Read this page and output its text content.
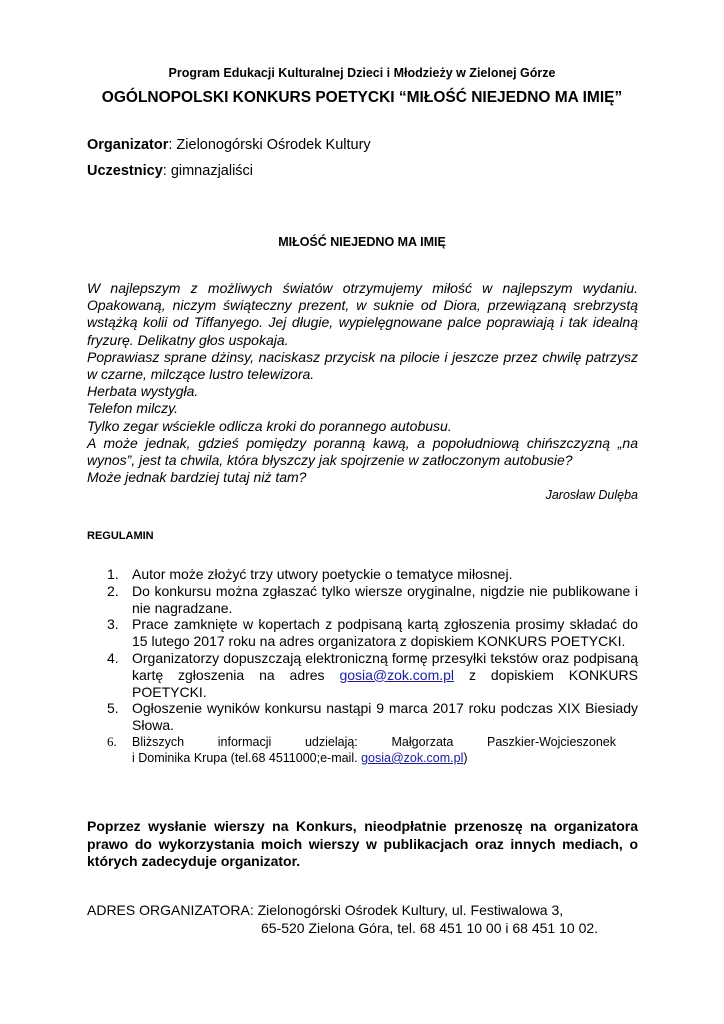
Program Edukacji Kulturalnej Dzieci i Młodzieży w Zielonej Górze

OGÓLNOPOLSKI KONKURS POETYCKI “MIŁOŚĆ NIEJEDNO MA IMIĘ”

Organizator: Zielonogórski Ośrodek Kultury

Uczestnicy: gimnazjaliści

MIŁOŚĆ NIEJEDNO MA IMIĘ

W najlepszym z możliwych światów otrzymujemy miłość w najlepszym wydaniu. Opakowaną, niczym świąteczny prezent, w suknie od Diora, przewiązaną srebrzystą wstążką kolii od Tiffanyego. Jej długie, wypielęgnowane palce poprawiają i tak idealną fryzurę. Delikatny głos uspokaja.

Poprawiasz sprane dżinsy, naciskasz przycisk na pilocie i jeszcze przez chwilę patrzysz w czarne, milczące lustro telewizora.

Herbata wystygła.

Telefon milczy.

Tylko zegar wściekle odlicza kroki do porannego autobusu.

A może jednak, gdzieś pomiędzy poranną kawą, a popołudniową chińszczyzną „na wynos”, jest ta chwila, która błyszczy jak spojrzenie w zatłoczonym autobusie?

Może jednak bardziej tutaj niż tam?

Jarosław Dulęba

REGULAMIN

1. Autor może złożyć trzy utwory poetyckie o tematyce miłosnej.
2. Do konkursu można zgłaszać tylko wiersze oryginalne, nigdzie nie publikowane i nie nagradzane.
3. Prace zamknięte w kopertach z podpisaną kartą zgłoszenia prosimy składać do 15 lutego 2017 roku na adres organizatora z dopiskiem KONKURS POETYCKI.
4. Organizatorzy dopuszczają elektroniczną formę przesyłki tekstów oraz podpisaną kartę zgłoszenia na adres gosia@zok.com.pl z dopiskiem KONKURS POETYCKI.
5. Ogłoszenie wyników konkursu nastąpi 9 marca 2017 roku podczas XIX Biesiady Słowa.
6. Bliższych	informacji	udzielają:	Małgorzata	Paszkier-Wojcieszonek
i Dominika Krupa (tel.68 4511000;e-mail. gosia@zok.com.pl)

Poprzez wysłanie wierszy na Konkurs, nieodpłatnie przenoszę na organizatora prawo do wykorzystania moich wierszy w publikacjach oraz innych mediach, o których zadecyduje organizator.

ADRES ORGANIZATORA: Zielonogórski Ośrodek Kultury, ul. Festiwalowa 3,
65-520 Zielona Góra, tel. 68 451 10 00 i 68 451 10 02.
